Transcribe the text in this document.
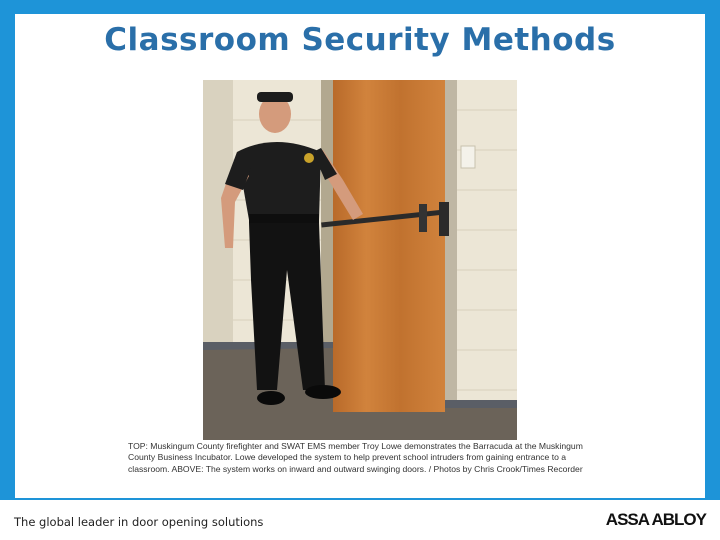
Classroom Security Methods
TOP: Muskingum County firefighter and SWAT EMS member Troy Lowe demonstrates the Barracuda at the Muskingum County Business Incubator. Lowe developed the system to help prevent school intruders from gaining entrance to a classroom. ABOVE: The system works on inward and outward swinging doors. / Photos by Chris Crook/Times Recorder
The global leader in door opening solutions	ASSA ABLOY
